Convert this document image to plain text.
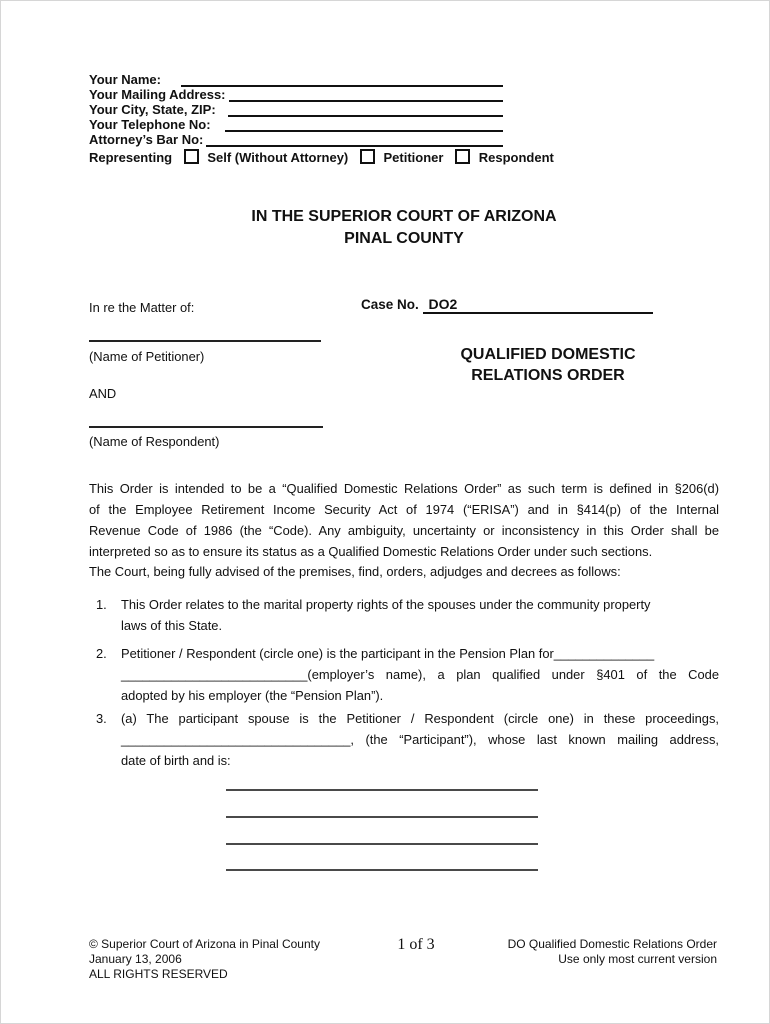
Your Name:
Your Mailing Address:
Your City, State, ZIP:
Your Telephone No:
Attorney’s Bar No:
Representing	Self (Without Attorney)	Petitioner	Respondent
IN THE SUPERIOR COURT OF ARIZONA
PINAL COUNTY
In re the Matter of:	Case No. DO2
(Name of Petitioner)	QUALIFIED DOMESTIC
RELATIONS ORDER
AND
(Name of Respondent)
This Order is intended to be a “Qualified Domestic Relations Order” as such term is defined in §206(d)
of the Employee Retirement Income Security Act of 1974 (“ERISA”) and in §414(p) of the Internal
Revenue Code of 1986 (the “Code). Any ambiguity, uncertainty or inconsistency in this Order shall be
interpreted so as to ensure its status as a Qualified Domestic Relations Order under such sections.
The Court, being fully advised of the premises, find, orders, adjudges and decrees as follows:
1.	This Order relates to the marital property rights of the spouses under the community property
laws of this State.
2.	Petitioner / Respondent (circle one) is the participant in the Pension Plan for______________
__________________________(employer’s name), a plan qualified under §401 of the Code
adopted by his employer (the “Pension Plan”).
3.	(a) The participant spouse is the Petitioner / Respondent (circle one) in these proceedings,
________________________________, (the “Participant”), whose last known mailing address,
date of birth and is:
© Superior Court of Arizona in Pinal County
January 13, 2006
ALL RIGHTS RESERVED
1 of 3	DO Qualified Domestic Relations Order
Use only most current version
